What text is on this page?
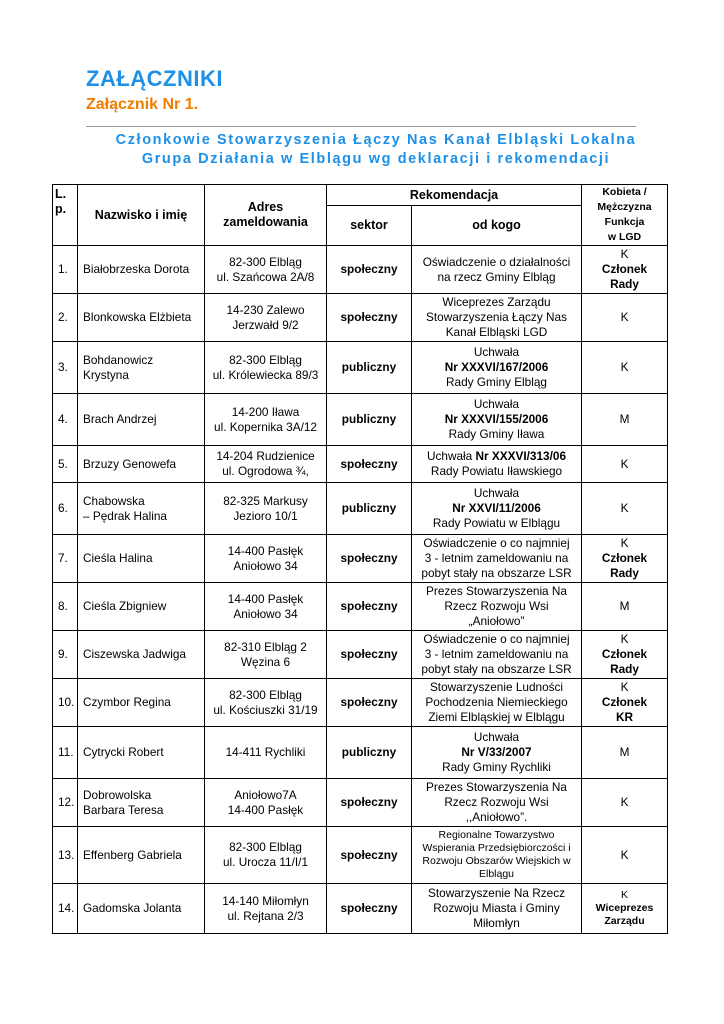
ZAŁĄCZNIKI
Załącznik Nr 1.
Członkowie Stowarzyszenia Łączy Nas Kanał Elbląski Lokalna
Grupa Działania w Elblągu wg deklaracji i rekomendacji
L.
p.	Nazwisko i imię	Adres
zameldowania	Rekomendacja		Kobieta /
Mężczyzna
Funkcja
w LGD

			sektor	od kogo	
1.	Białobrzeska Dorota	82-300 Elbląg
ul. Szańcowa 2A/8	społeczny	Oświadczenie o działalności
na rzecz Gminy Elbląg	K
Członek
Rady

2.	Blonkowska Elżbieta	14-230 Zalewo
Jerzwałd 9/2	społeczny	Wiceprezes Zarządu
Stowarzyszenia Łączy Nas
Kanał Elbląski LGD	K

3.	Bohdanowicz
Krystyna	82-300 Elbląg
ul. Królewiecka 89/3	publiczny	Uchwała
Nr XXXVI/167/2006
Rady Gminy Elbląg	K

4.	Brach Andrzej	14-200 Iława
ul. Kopernika 3A/12	publiczny	Uchwała
Nr XXXVI/155/2006
Rady Gminy Iława	M

5.	Brzuzy Genowefa	14-204 Rudzienice
ul. Ogrodowa ¾,	społeczny	Uchwała Nr XXXVI/313/06
Rady Powiatu Iławskiego	K

6.	Chabowska
– Pędrak Halina	82-325 Markusy
Jezioro 10/1	publiczny	Uchwała
Nr XXVI/11/2006
Rady Powiatu w Elblągu	K

7.	Cieśla Halina	14-400 Pasłęk
Aniołowo 34	społeczny	Oświadczenie o co najmniej
3 - letnim zameldowaniu na
pobyt stały na obszarze LSR	K
Członek
Rady

8.	Cieśla Zbigniew	14-400 Pasłęk
Aniołowo 34	społeczny	Prezes Stowarzyszenia Na
Rzecz Rozwoju Wsi
„Aniołowo”	M

9.	Ciszewska Jadwiga	82-310 Elbląg 2
Węzina 6	społeczny	Oświadczenie o co najmniej
3 - letnim zameldowaniu na
pobyt stały na obszarze LSR	K
Członek
Rady

10.	Czymbor Regina	82-300 Elbląg
ul. Kościuszki 31/19	społeczny	Stowarzyszenie Ludności
Pochodzenia Niemieckiego
Ziemi Elbląskiej w Elblągu	K
Członek
KR

11.	Cytrycki Robert	14-411 Rychliki	publiczny	Uchwała
Nr V/33/2007
Rady Gminy Rychliki	M

12.	Dobrowolska
Barbara Teresa	Aniołowo7A
14-400 Pasłęk	społeczny	Prezes Stowarzyszenia Na
Rzecz Rozwoju Wsi
,,Aniołowo”.	K

13.	Effenberg Gabriela	82-300 Elbląg
ul. Urocza 11/I/1	społeczny	Regionalne Towarzystwo
Wspierania Przedsiębiorczości i
Rozwoju Obszarów Wiejskich w
Elblągu	K

14.	Gadomska Jolanta	14-140 Miłomłyn
ul. Rejtana 2/3	społeczny	Stowarzyszenie Na Rzecz
Rozwoju Miasta i Gminy
Miłomłyn	K
Wiceprezes
Zarządu
